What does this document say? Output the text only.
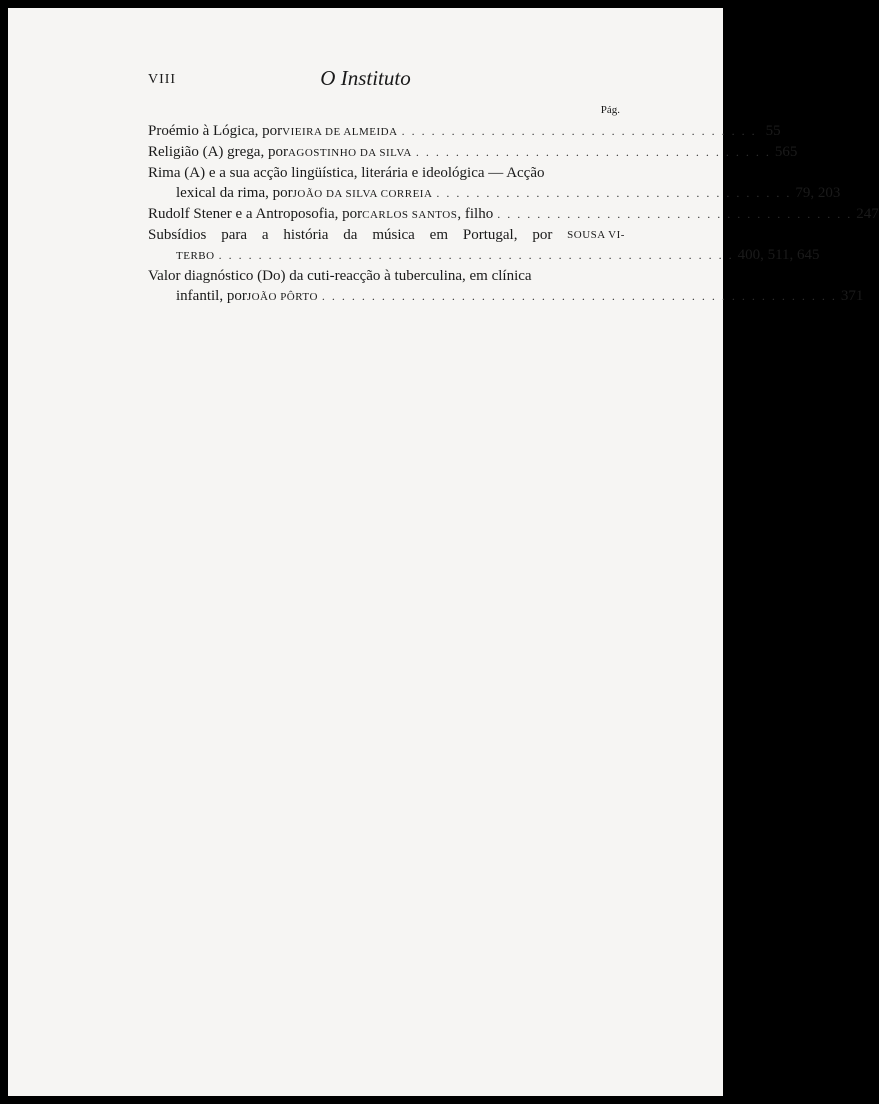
VIII	O Instituto
Pág.
Proémio à Lógica, por VIEIRA DE ALMEIDA . . . . . . . . . . . . . . . . . . . . . . . . . . . . . . . . . . . . 55
Religião (A) grega, por AGOSTINHO DA SILVA . . . . . . . . . . . . . . . . . . . . . . . . . . . . . . . . . . . . 565
Rima (A) e a sua acção lingüística, literária e ideológica — Acção
lexical da rima, por JOÃO DA SILVA CORREIA . . . . . . . . . . . . . . . . . . . . . . . . . . . . . . . . . . . . 79, 203
Rudolf Stener e a Antroposofia, por CARLOS SANTOS , filho . . . . . . . . . . . . . . . . . . . . . . . . . . . . . . . . . . . . 247
Subsídios para a história da música em Portugal, por SOUSA VI-
TERBO . . . . . . . . . . . . . . . . . . . . . . . . . . . . . . . . . . . . . . . . . . . . . . . . . . . . 400, 511, 645
Valor diagnóstico (Do) da cuti-reacção à tuberculina, em clínica
infantil, por JOÃO PÔRTO . . . . . . . . . . . . . . . . . . . . . . . . . . . . . . . . . . . . . . . . . . . . . . . . . . . . 371
